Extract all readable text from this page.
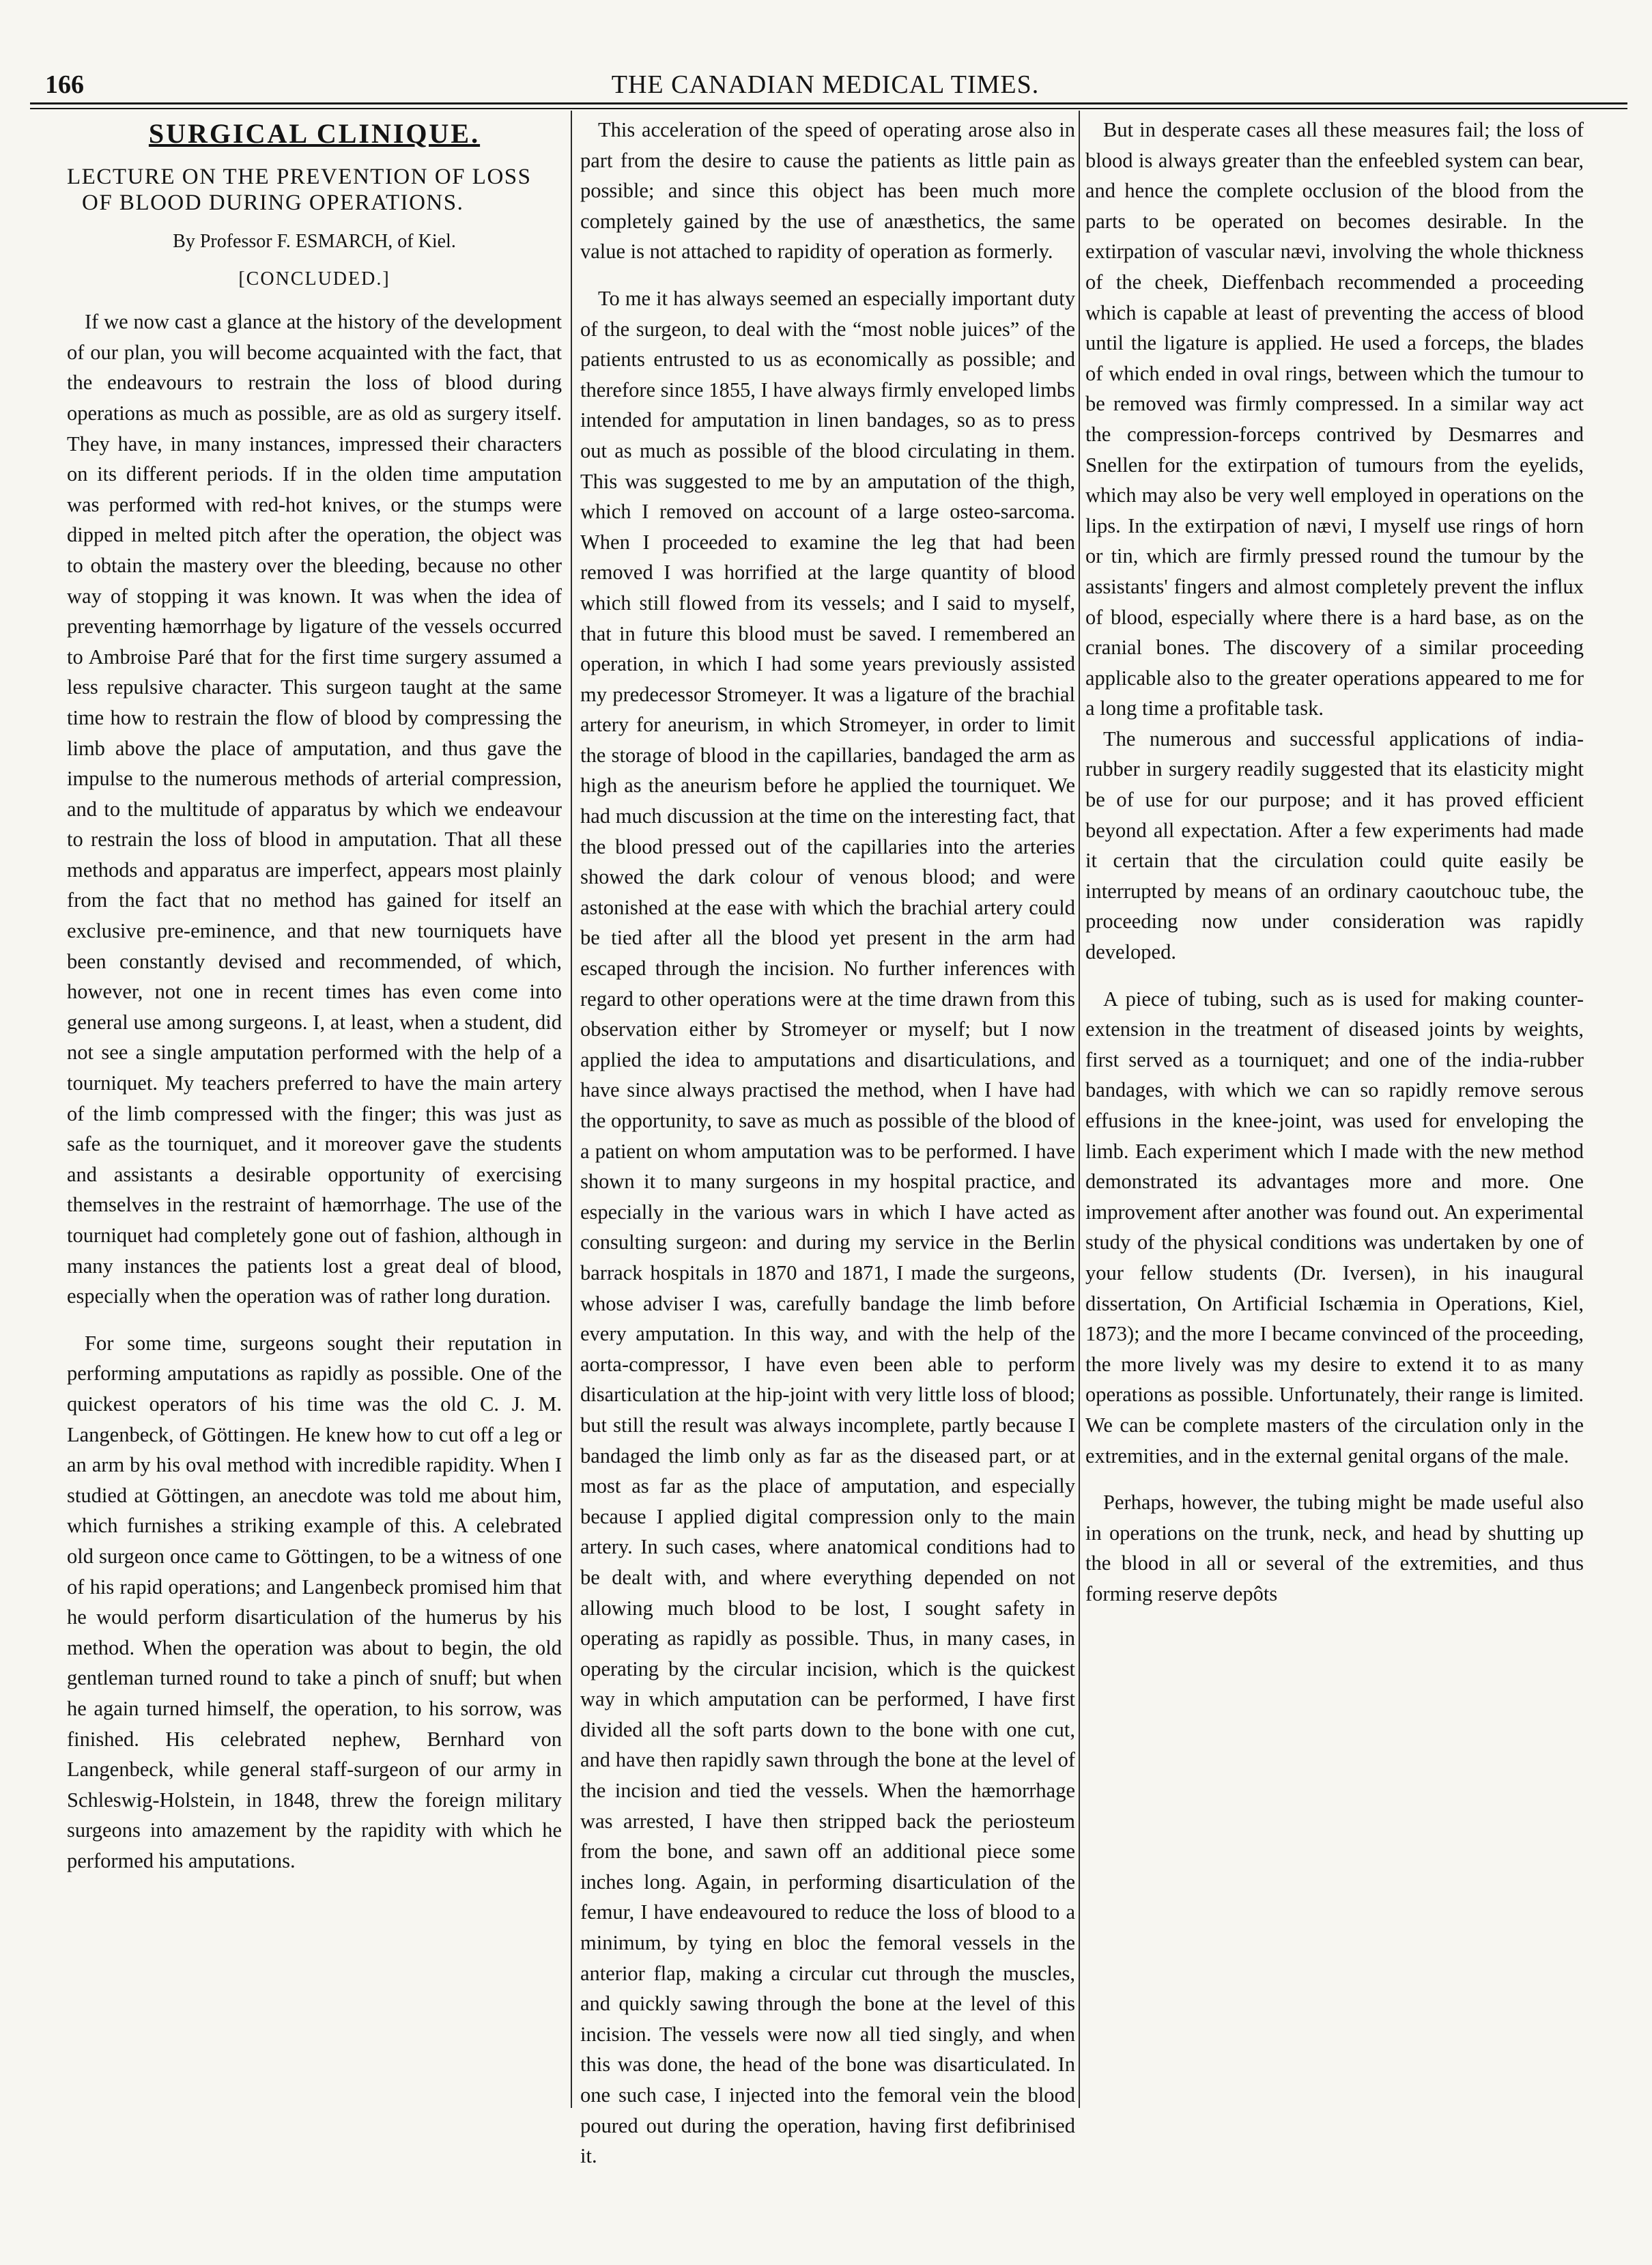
166	THE CANADIAN MEDICAL TIMES.
SURGICAL CLINIQUE.
LECTURE ON THE PREVENTION OF LOSS OF BLOOD DURING OPERATIONS.
By Professor F. ESMARCH, of Kiel.
[CONCLUDED.]

If we now cast a glance at the history of the development of our plan, you will become acquainted with the fact, that the endeavours to restrain the loss of blood during operations as much as possible, are as old as surgery itself. They have, in many instances, impressed their characters on its different periods. If in the olden time amputation was performed with red-hot knives, or the stumps were dipped in melted pitch after the operation, the object was to obtain the mastery over the bleeding, because no other way of stopping it was known. It was when the idea of preventing hæmorrhage by ligature of the vessels occurred to Ambroise Paré that for the first time surgery assumed a less repulsive character. This surgeon taught at the same time how to restrain the flow of blood by compressing the limb above the place of amputation, and thus gave the impulse to the numerous methods of arterial compression, and to the multitude of apparatus by which we endeavour to restrain the loss of blood in amputation. That all these methods and apparatus are imperfect, appears most plainly from the fact that no method has gained for itself an exclusive pre-eminence, and that new tourniquets have been constantly devised and recommended, of which, however, not one in recent times has even come into general use among surgeons. I, at least, when a student, did not see a single amputation performed with the help of a tourniquet. My teachers preferred to have the main artery of the limb compressed with the finger; this was just as safe as the tourniquet, and it moreover gave the students and assistants a desirable opportunity of exercising themselves in the restraint of hæmorrhage. The use of the tourniquet had completely gone out of fashion, although in many instances the patients lost a great deal of blood, especially when the operation was of rather long duration.

For some time, surgeons sought their reputation in performing amputations as rapidly as possible. One of the quickest operators of his time was the old C. J. M. Langenbeck, of Göttingen. He knew how to cut off a leg or an arm by his oval method with incredible rapidity. When I studied at Göttingen, an anecdote was told me about him, which furnishes a striking example of this. A celebrated old surgeon once came to Göttingen, to be a witness of one of his rapid operations; and Langenbeck promised him that he would perform disarticulation of the humerus by his method. When the operation was about to begin, the old gentleman turned round to take a pinch of snuff; but when he again turned himself, the operation, to his sorrow, was finished. His celebrated nephew, Bernhard von Langenbeck, while general staff-surgeon of our army in Schleswig-Holstein, in 1848, threw the foreign military surgeons into amazement by the rapidity with which he performed his amputations.

This acceleration of the speed of operating arose also in part from the desire to cause the patients as little pain as possible; and since this object has been much more completely gained by the use of anæsthetics, the same value is not attached to rapidity of operation as formerly.

To me it has always seemed an especially important duty of the surgeon, to deal with the “most noble juices” of the patients entrusted to us as economically as possible; and therefore since 1855, I have always firmly enveloped limbs intended for amputation in linen bandages, so as to press out as much as possible of the blood circulating in them. This was suggested to me by an amputation of the thigh, which I removed on account of a large osteo-sarcoma. When I proceeded to examine the leg that had been removed I was horrified at the large quantity of blood which still flowed from its vessels; and I said to myself, that in future this blood must be saved. I remembered an operation, in which I had some years previously assisted my predecessor Stromeyer. It was a ligature of the brachial artery for aneurism, in which Stromeyer, in order to limit the storage of blood in the capillaries, bandaged the arm as high as the aneurism before he applied the tourniquet. We had much discussion at the time on the interesting fact, that the blood pressed out of the capillaries into the arteries showed the dark colour of venous blood; and were astonished at the ease with which the brachial artery could be tied after all the blood yet present in the arm had escaped through the incision. No further inferences with regard to other operations were at the time drawn from this observation either by Stromeyer or myself; but I now applied the idea to amputations and disarticulations, and have since always practised the method, when I have had the opportunity, to save as much as possible of the blood of a patient on whom amputation was to be performed. I have shown it to many surgeons in my hospital practice, and especially in the various wars in which I have acted as consulting surgeon: and during my service in the Berlin barrack hospitals in 1870 and 1871, I made the surgeons, whose adviser I was, carefully bandage the limb before every amputation. In this way, and with the help of the aorta-compressor, I have even been able to perform disarticulation at the hip-joint with very little loss of blood; but still the result was always incomplete, partly because I bandaged the limb only as far as the diseased part, or at most as far as the place of amputation, and especially because I applied digital compression only to the main artery. In such cases, where anatomical conditions had to be dealt with, and where everything depended on not allowing much blood to be lost, I sought safety in operating as rapidly as possible. Thus, in many cases, in operating by the circular incision, which is the quickest way in which amputation can be performed, I have first divided all the soft parts down to the bone with one cut, and have then rapidly sawn through the bone at the level of the incision and tied the vessels. When the hæmorrhage was arrested, I have then stripped back the periosteum from the bone, and sawn off an additional piece some inches long. Again, in performing disarticulation of the femur, I have endeavoured to reduce the loss of blood to a minimum, by tying en bloc the femoral vessels in the anterior flap, making a circular cut through the muscles, and quickly sawing through the bone at the level of this incision. The vessels were now all tied singly, and when this was done, the head of the bone was disarticulated. In one such case, I injected into the femoral vein the blood poured out during the operation, having first defibrinised it.

But in desperate cases all these measures fail; the loss of blood is always greater than the enfeebled system can bear, and hence the complete occlusion of the blood from the parts to be operated on becomes desirable. In the extirpation of vascular nævi, involving the whole thickness of the cheek, Dieffenbach recommended a proceeding which is capable at least of preventing the access of blood until the ligature is applied. He used a forceps, the blades of which ended in oval rings, between which the tumour to be removed was firmly compressed. In a similar way act the compression-forceps contrived by Desmarres and Snellen for the extirpation of tumours from the eyelids, which may also be very well employed in operations on the lips. In the extirpation of nævi, I myself use rings of horn or tin, which are firmly pressed round the tumour by the assistants' fingers and almost completely prevent the influx of blood, especially where there is a hard base, as on the cranial bones. The discovery of a similar proceeding applicable also to the greater operations appeared to me for a long time a profitable task.

The numerous and successful applications of india-rubber in surgery readily suggested that its elasticity might be of use for our purpose; and it has proved efficient beyond all expectation. After a few experiments had made it certain that the circulation could quite easily be interrupted by means of an ordinary caoutchouc tube, the proceeding now under consideration was rapidly developed.

A piece of tubing, such as is used for making counter-extension in the treatment of diseased joints by weights, first served as a tourniquet; and one of the india-rubber bandages, with which we can so rapidly remove serous effusions in the knee-joint, was used for enveloping the limb. Each experiment which I made with the new method demonstrated its advantages more and more. One improvement after another was found out. An experimental study of the physical conditions was undertaken by one of your fellow students (Dr. Iversen), in his inaugural dissertation, On Artificial Ischæmia in Operations, Kiel, 1873); and the more I became convinced of the proceeding, the more lively was my desire to extend it to as many operations as possible. Unfortunately, their range is limited. We can be complete masters of the circulation only in the extremities, and in the external genital organs of the male.

Perhaps, however, the tubing might be made useful also in operations on the trunk, neck, and head by shutting up the blood in all or several of the extremities, and thus forming reserve depôts
